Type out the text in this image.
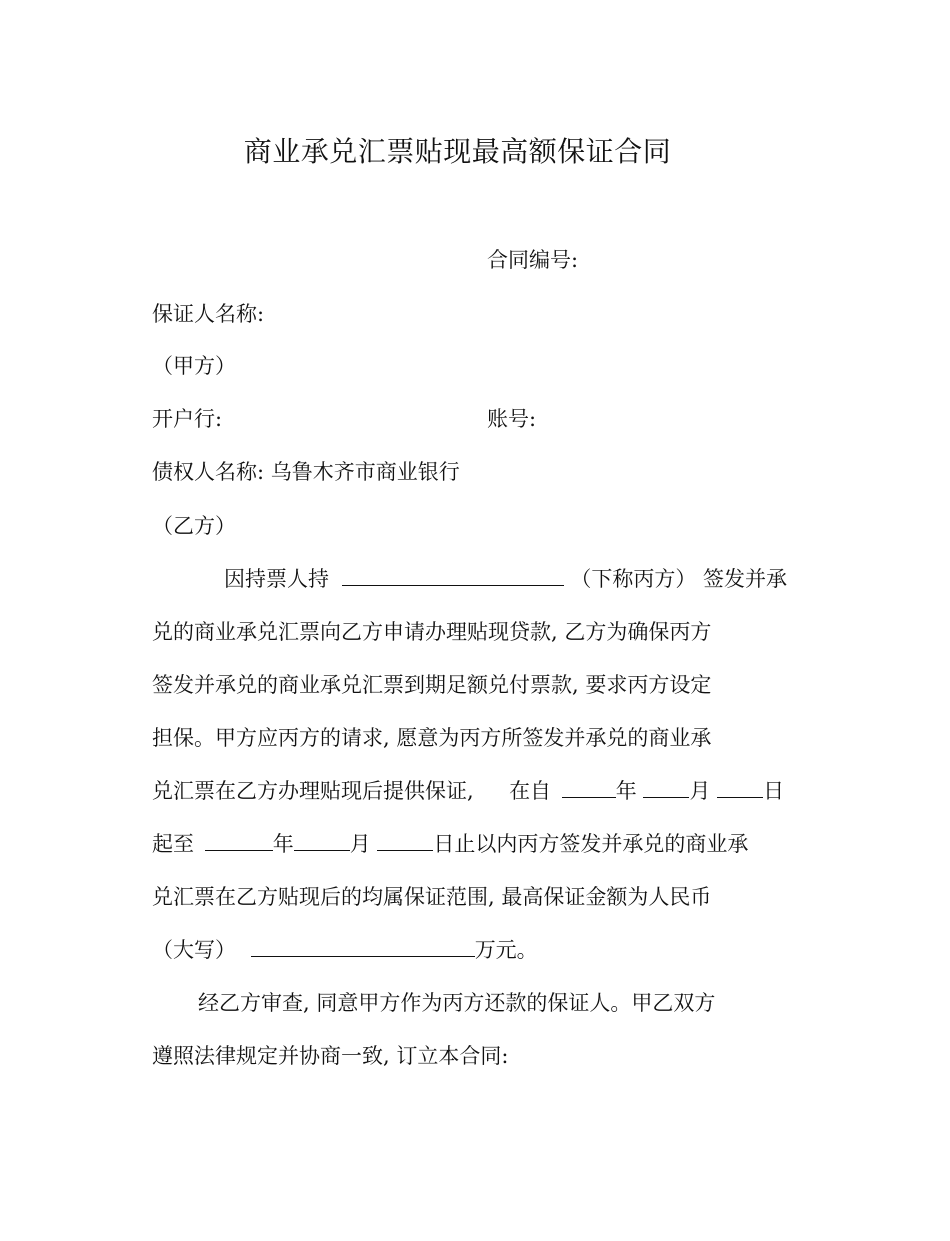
商业承兑汇票贴现最高额保证合同
合同编号:
保证人名称:
（甲方）
开户行:	账号:
债权人名称: 乌鲁木齐市商业银行
（乙方）
因持票人持	（下称丙方） 签发并承
兑的商业承兑汇票向乙方申请办理贴现贷款, 乙方为确保丙方
签发并承兑的商业承兑汇票到期足额兑付票款, 要求丙方设定
担保。甲方应丙方的请求, 愿意为丙方所签发并承兑的商业承
兑汇票在乙方办理贴现后提供保证, 在自	年	月	日
起至	年	月	日止以内丙方签发并承兑的商业承
兑汇票在乙方贴现后的均属保证范围, 最高保证金额为人民币
（大写）	万元。
经乙方审查, 同意甲方作为丙方还款的保证人。甲乙双方
遵照法律规定并协商一致, 订立本合同:
